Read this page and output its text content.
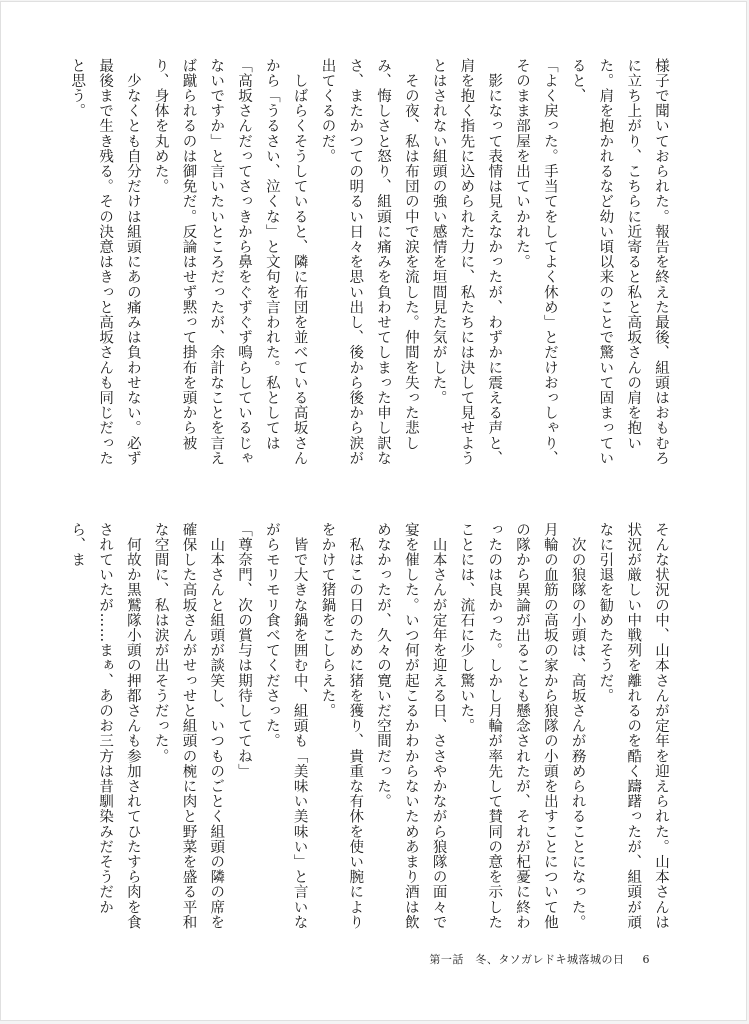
様子で聞いておられた。報告を終えた最後、組頭はおもむろに立ち上がり、こちらに近寄ると私と高坂さんの肩を抱いた。肩を抱かれるなど幼い頃以来のことで驚いて固まっていると、

「よく戻った。手当てをしてよく休め」とだけおっしゃり、そのまま部屋を出ていかれた。

　影になって表情は見えなかったが、わずかに震える声と、肩を抱く指先に込められた力に、私たちには決して見せようとはされない組頭の強い感情を垣間見た気がした。

　その夜、私は布団の中で涙を流した。仲間を失った悲しみ、悔しさと怒り、組頭に痛みを負わせてしまった申し訳なさ、またかつての明るい日々を思い出し、後から後から涙が出てくるのだ。

　しばらくそうしていると、隣に布団を並べている高坂さんから「うるさい、泣くな」と文句を言われた。私としては「高坂さんだってさっきから鼻をぐずぐず鳴らしているじゃないですか」と言いたいところだったが、余計なことを言えば蹴られるのは御免だ。反論はせず黙って掛布を頭から被り、身体を丸めた。

　少なくとも自分だけは組頭にあの痛みは負わせない。必ず最後まで生き残る。その決意はきっと高坂さんも同じだったと思う。

そんな状況の中、山本さんが定年を迎えられた。山本さんは状況が厳しい中戦列を離れるのを酷く躊躇ったが、組頭が頑なに引退を勧めたそうだ。

　次の狼隊の小頭は、高坂さんが務められることになった。月輪の血筋の高坂の家から狼隊の小頭を出すことについて他の隊から異論が出ることも懸念されたが、それが杞憂に終わったのは良かった。しかし月輪が率先して賛同の意を示したことには、流石に少し驚いた。

　山本さんが定年を迎える日、ささやかながら狼隊の面々で宴を催した。いつ何が起こるかわからないためあまり酒は飲めなかったが、久々の寛いだ空間だった。

　私はこの日のために猪を獲り、貴重な有休を使い腕によりをかけて猪鍋をこしらえた。

　皆で大きな鍋を囲む中、組頭も「美味い美味い」と言いながらモリモリ食べてくださった。

「尊奈門、次の賞与は期待しててね」

　山本さんと組頭が談笑し、いつものごとく組頭の隣の席を確保した高坂さんがせっせと組頭の椀に肉と野菜を盛る平和な空間に、私は涙が出そうだった。

　何故か黒鷲隊小頭の押都さんも参加されてひたすら肉を食されていたが……まぁ、あのお三方は昔馴染みだそうだから、ま

第一話　冬、タソガレドキ城落城の日 6
